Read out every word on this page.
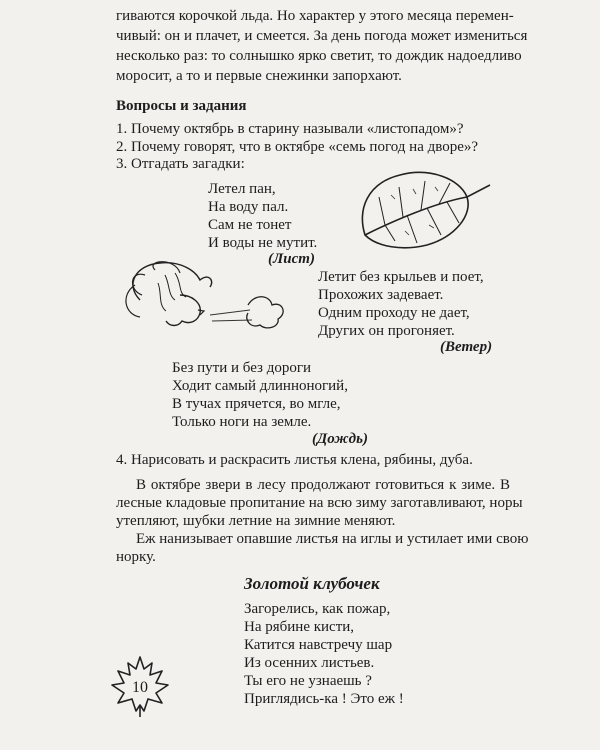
гиваются корочкой льда. Но характер у этого месяца перемен-
чивый: он и плачет, и смеется. За день погода может измениться
несколько раз: то солнышко ярко светит, то дождик надоедливо
моросит, а то и первые снежинки запорхают.
Вопросы и задания
1. Почему октябрь в старину называли «листопадом»?
2. Почему говорят, что в октябре «семь погод на дворе»?
3. Отгадать загадки:
Летел пан,
На воду пал.
Сам не тонет
И воды не мутит.
(Лист)
Летит без крыльев и поет,
Прохожих задевает.
Одним проходу не дает,
Других он прогоняет.
(Ветер)
Без пути и без дороги
Ходит самый длинноногий,
В тучах прячется, во мгле,
Только ноги на земле.
(Дождь)
4. Нарисовать и раскрасить листья клена, рябины, дуба.
В октябре звери в лесу продолжают готовиться к зиме. В
лесные кладовые пропитание на всю зиму заготавливают, норы
утепляют, шубки летние на зимние меняют.
Еж нанизывает опавшие листья на иглы и устилает ими свою
норку.
Золотой клубочек
Загорелись, как пожар,
На рябине кисти,
Катится навстречу шар
Из осенних листьев.
Ты его не узнаешь ?
Приглядись-ка ! Это еж !
10
